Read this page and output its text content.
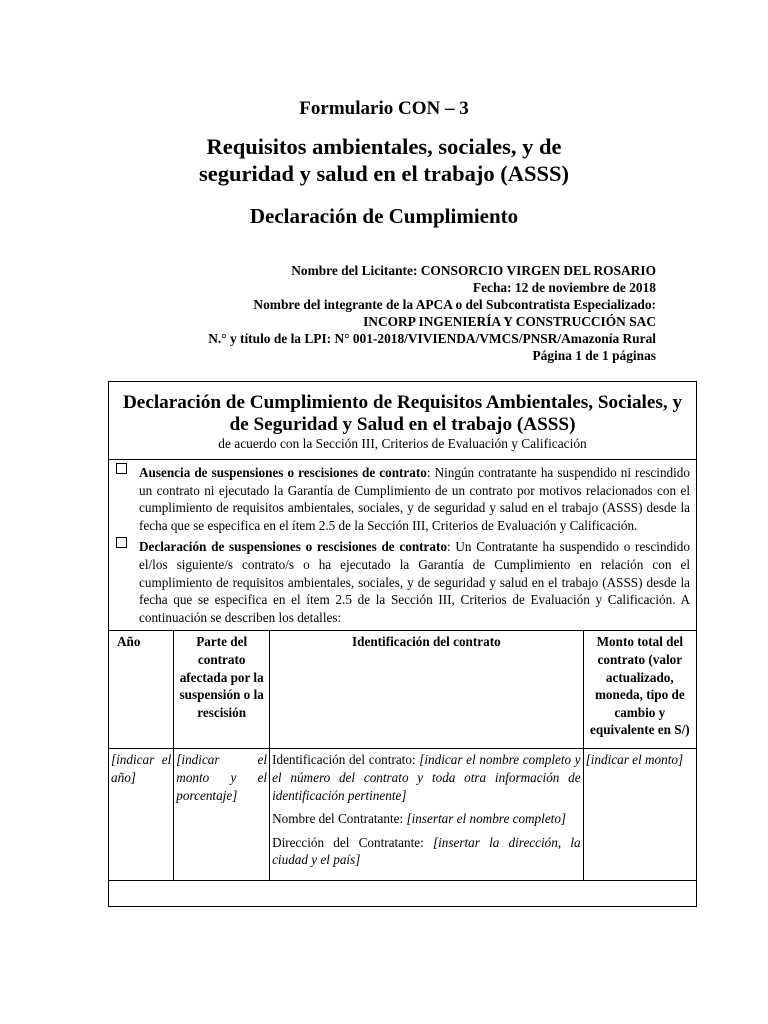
Formulario CON – 3
Requisitos ambientales, sociales, y de
seguridad y salud en el trabajo (ASSS)
Declaración de Cumplimiento
Nombre del Licitante: CONSORCIO VIRGEN DEL ROSARIO
Fecha: 12 de noviembre de 2018
Nombre del integrante de la APCA o del Subcontratista Especializado:
INCORP INGENIERÍA Y CONSTRUCCIÓN SAC
N.° y título de la LPI: N° 001-2018/VIVIENDA/VMCS/PNSR/Amazonía Rural
Página 1 de 1 páginas
Declaración de Cumplimiento de Requisitos Ambientales, Sociales, y
de Seguridad y Salud en el trabajo (ASSS)
de acuerdo con la Sección III, Criterios de Evaluación y Calificación
Ausencia de suspensiones o rescisiones de contrato: Ningún contratante ha suspendido ni rescindido un contrato ni ejecutado la Garantía de Cumplimiento de un contrato por motivos relacionados con el cumplimiento de requisitos ambientales, sociales, y de seguridad y salud en el trabajo (ASSS) desde la fecha que se especifica en el ítem 2.5 de la Sección III, Criterios de Evaluación y Calificación.
Declaración de suspensiones o rescisiones de contrato: Un Contratante ha suspendido o rescindido el/los siguiente/s contrato/s o ha ejecutado la Garantía de Cumplimiento en relación con el cumplimiento de requisitos ambientales, sociales, y de seguridad y salud en el trabajo (ASSS) desde la fecha que se especifica en el ítem 2.5 de la Sección III, Criterios de Evaluación y Calificación. A continuación se describen los detalles:
Año	Parte del contrato afectada por la suspensión o la rescisión	Identificación del contrato	Monto total del contrato (valor actualizado, moneda, tipo de cambio y equivalente en S/)
[indicar el año]	[indicar el monto y el porcentaje]	Identificación del contrato: [indicar el nombre completo y el número del contrato y toda otra información de identificación pertinente]

Nombre del Contratante: [insertar el nombre completo]

Dirección del Contratante: [insertar la dirección, la ciudad y el país]	[indicar el monto]
